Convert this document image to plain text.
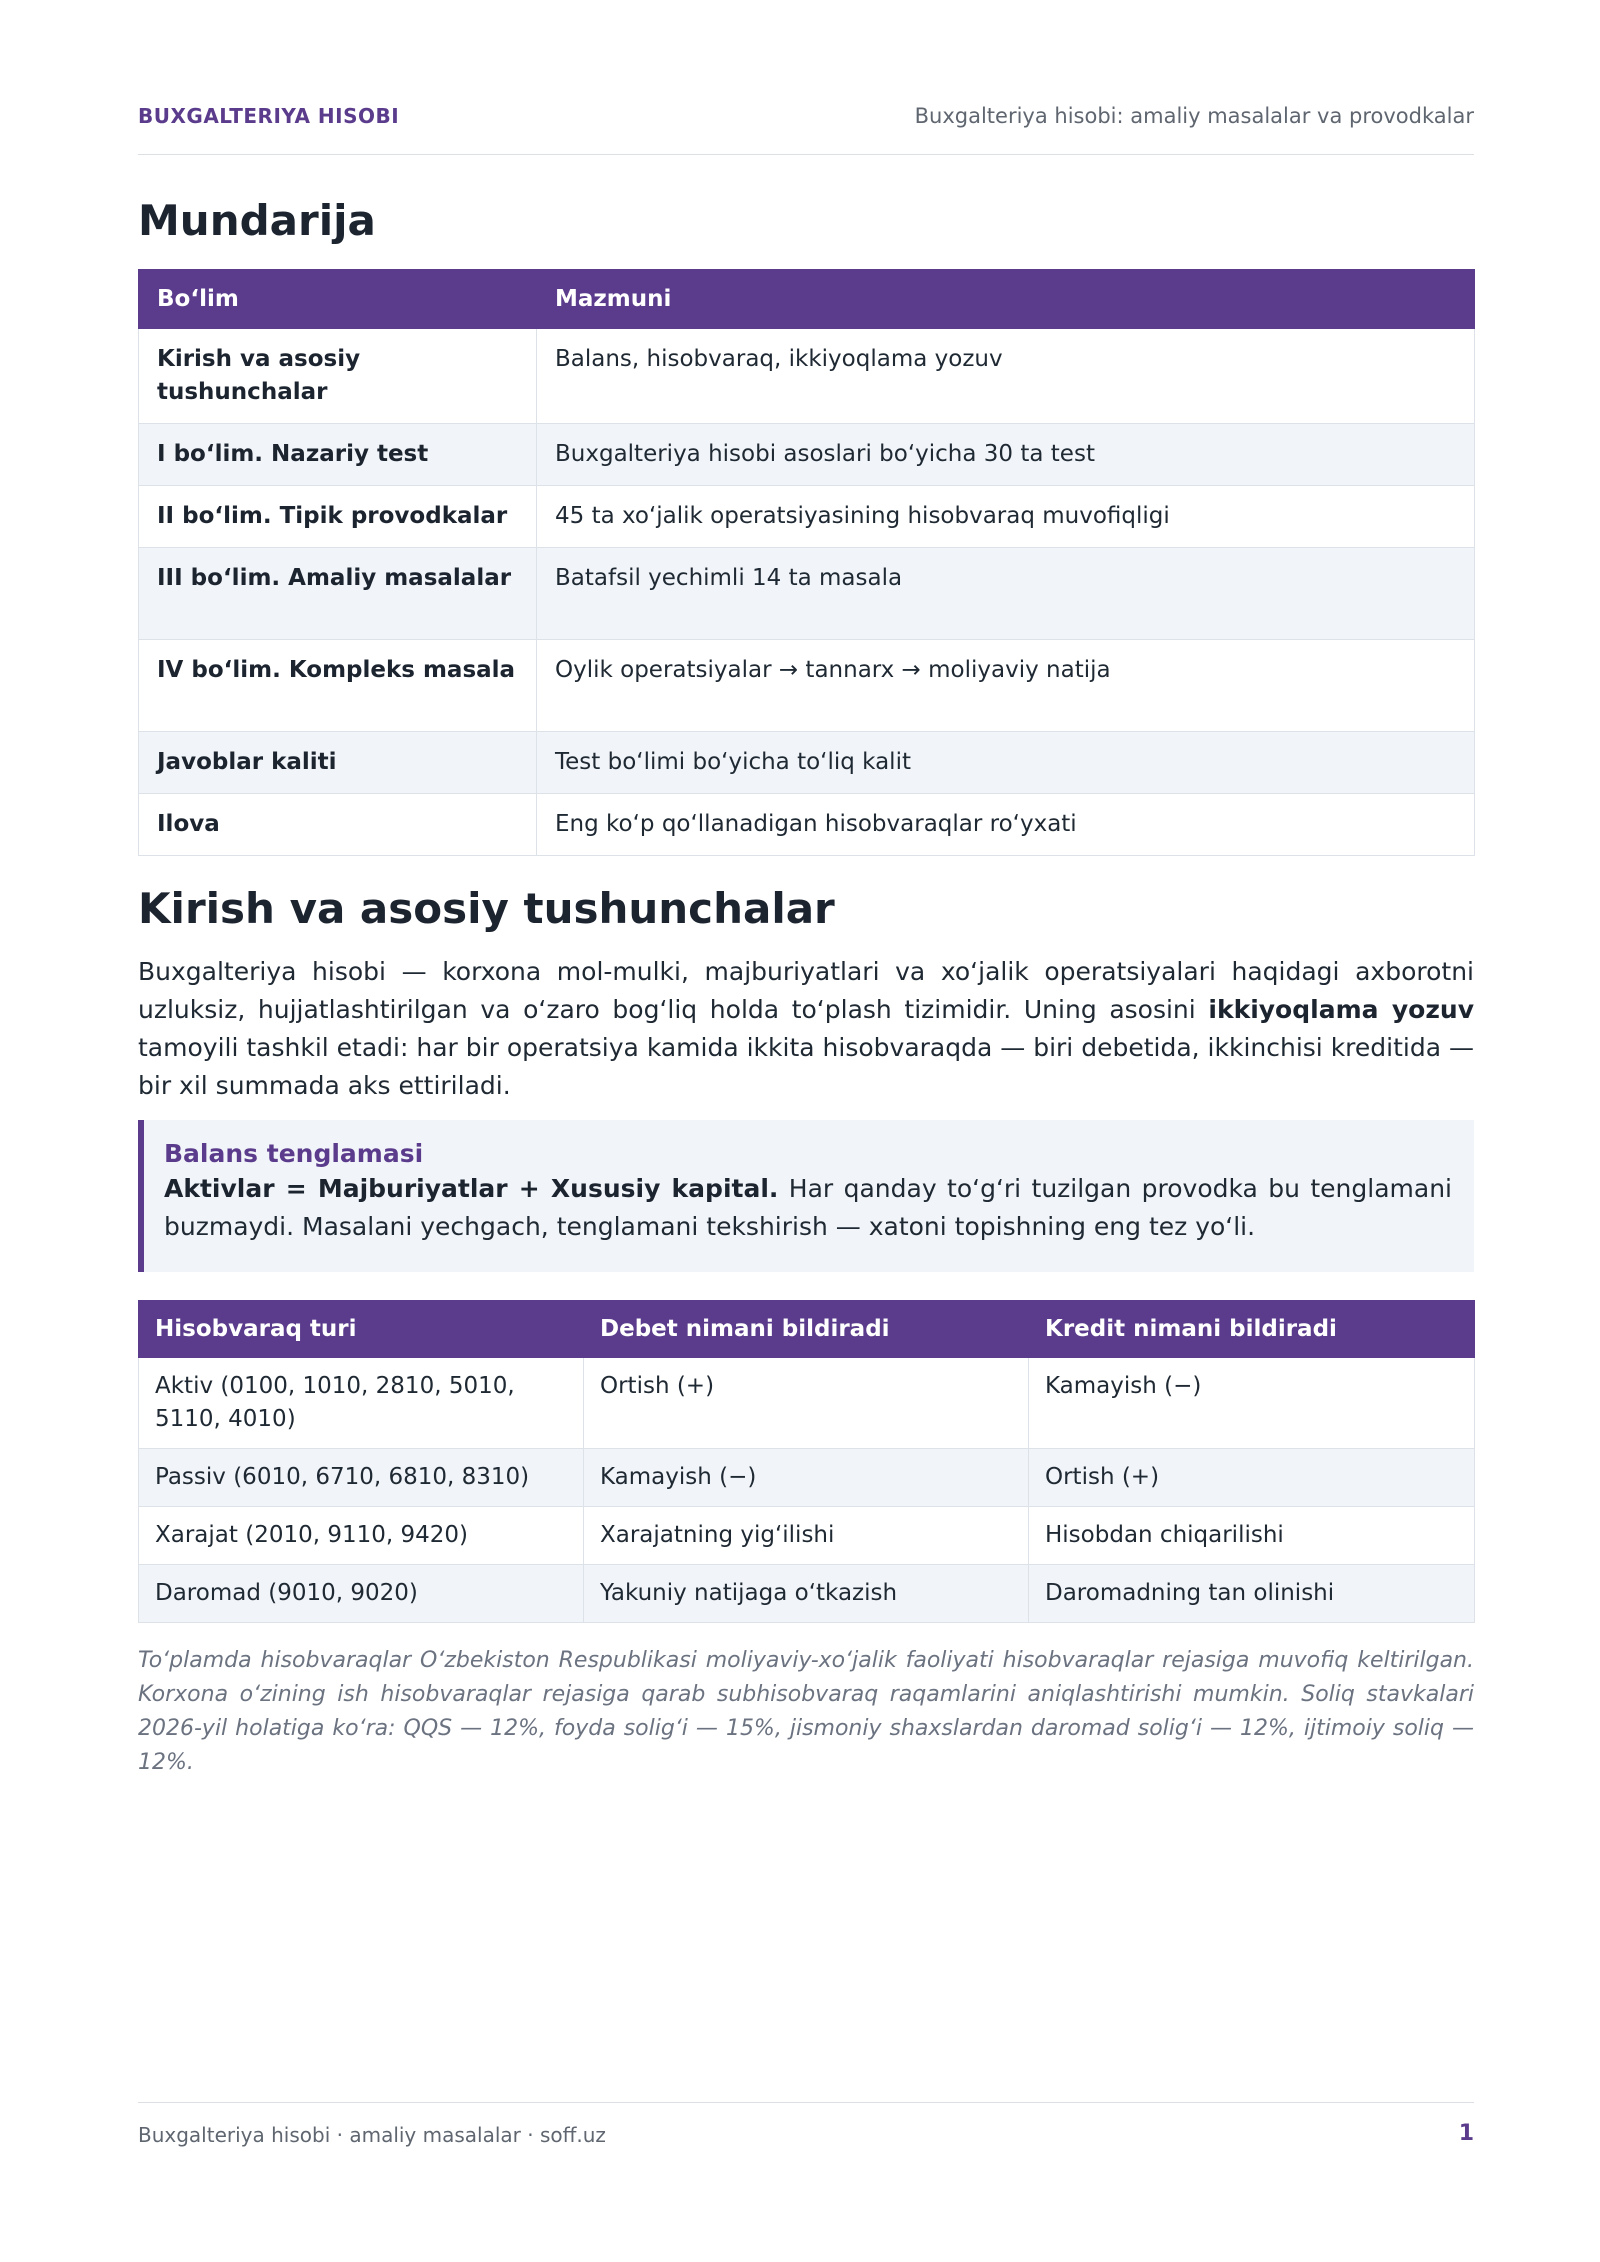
BUXGALTERIYA HISOBI	Buxgalteriya hisobi: amaliy masalalar va provodkalar
Mundarija
Bo‘lim	Mazmuni
Kirish va asosiy tushunchalar	Balans, hisobvaraq, ikkiyoqlama yozuv
I bo‘lim. Nazariy test	Buxgalteriya hisobi asoslari bo‘yicha 30 ta test
II bo‘lim. Tipik provodkalar	45 ta xo‘jalik operatsiyasining hisobvaraq muvofiqligi
III bo‘lim. Amaliy masalalar	Batafsil yechimli 14 ta masala
IV bo‘lim. Kompleks masala	Oylik operatsiyalar → tannarx → moliyaviy natija
Javoblar kaliti	Test bo‘limi bo‘yicha to‘liq kalit
Ilova	Eng ko‘p qo‘llanadigan hisobvaraqlar ro‘yxati
Kirish va asosiy tushunchalar

Buxgalteriya hisobi — korxona mol-mulki, majburiyatlari va xo‘jalik operatsiyalari haqidagi axborotni uzluksiz, hujjatlashtirilgan va o‘zaro bog‘liq holda to‘plash tizimidir. Uning asosini ikkiyoqlama yozuv tamoyili tashkil etadi: har bir operatsiya kamida ikkita hisobvaraqda — biri debetida, ikkinchisi kreditida — bir xil summada aks ettiriladi.

Balans tenglamasi

Aktivlar = Majburiyatlar + Xususiy kapital. Har qanday to‘g‘ri tuzilgan provodka bu tenglamani buzmaydi. Masalani yechgach, tenglamani tekshirish — xatoni topishning eng tez yo‘li.

Hisobvaraq turi	Debet nimani bildiradi	Kredit nimani bildiradi
Aktiv (0100, 1010, 2810, 5010, 5110, 4010)	Ortish (+)	Kamayish (−)
Passiv (6010, 6710, 6810, 8310)	Kamayish (−)	Ortish (+)
Xarajat (2010, 9110, 9420)	Xarajatning yig‘ilishi	Hisobdan chiqarilishi
Daromad (9010, 9020)	Yakuniy natijaga o‘tkazish	Daromadning tan olinishi

To‘plamda hisobvaraqlar O‘zbekiston Respublikasi moliyaviy-xo‘jalik faoliyati hisobvaraqlar rejasiga muvofiq keltirilgan. Korxona o‘zining ish hisobvaraqlar rejasiga qarab subhisobvaraq raqamlarini aniqlashtirishi mumkin. Soliq stavkalari 2026-yil holatiga ko‘ra: QQS — 12%, foyda solig‘i — 15%, jismoniy shaxslardan daromad solig‘i — 12%, ijtimoiy soliq — 12%.

Buxgalteriya hisobi · amaliy masalalar · soff.uz	1
